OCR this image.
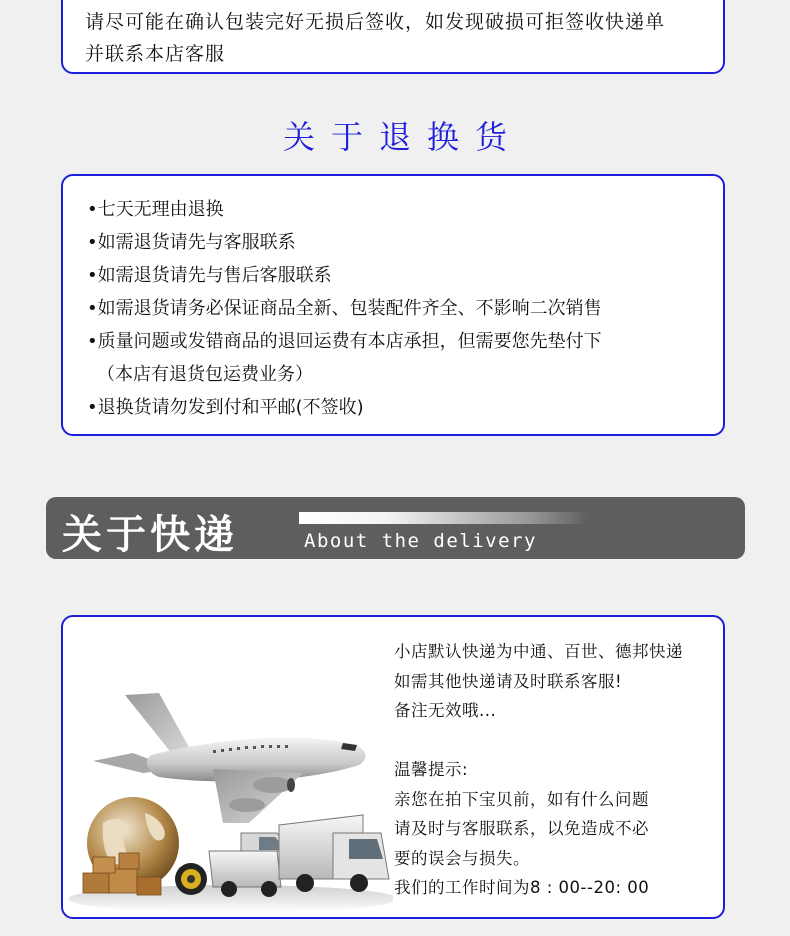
请尽可能在确认包装完好无损后签收，如发现破损可拒签收快递单
并联系本店客服
关于退换货
•七天无理由退换
•如需退货请先与客服联系
•如需退货请先与售后客服联系
•如需退货请务必保证商品全新、包装配件齐全、不影响二次销售
•质量问题或发错商品的退回运费有本店承担，但需要您先垫付下
（本店有退货包运费业务）
•退换货请勿发到付和平邮(不签收)
关于快递	About the delivery
小店默认快递为中通、百世、德邦快递
如需其他快递请及时联系客服!
备注无效哦...
温馨提示:
亲您在拍下宝贝前，如有什么问题
请及时与客服联系，以免造成不必
要的误会与损失。
我们的工作时间为8 : 00--20: 00
